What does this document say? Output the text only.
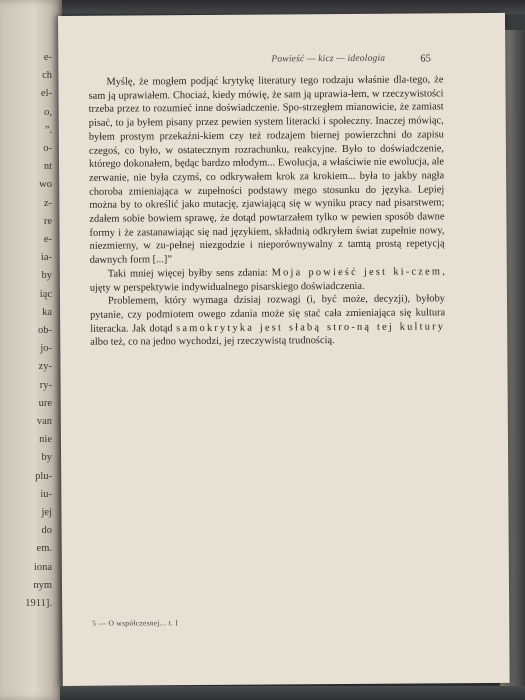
e-
ch
el-
o,
”.
o-
nt
wo
z-
re
e-
ia-
by
iąc
ka
ob-
jo-
zy-
ry-
ure
van
nie
by
plu-
iu-
jej
do
em.
iona
nym
1911].
Powieść — kicz — ideologia	65

Myślę, że mogłem podjąć krytykę literatury tego rodzaju właśnie dla-tego, że sam ją uprawiałem. Chociaż, kiedy mówię, że sam ją uprawia-łem, w rzeczywistości trzeba przez to rozumieć inne doświadczenie. Spo-strzegłem mianowicie, że zamiast pisać, to ja byłem pisany przez pewien system literacki i społeczny. Inaczej mówiąc, byłem prostym przekaźni-kiem czy też rodzajem biernej powierzchni do zapisu czegoś, co było, w ostatecznym rozrachunku, reakcyjne. Było to doświadczenie, którego dokonałem, będąc bardzo młodym... Ewolucja, a właściwie nie ewolucja, ale zerwanie, nie była czymś, co odkrywałem krok za krokiem... była to jakby nagła choroba zmieniająca w zupełności podstawy mego stosunku do języka. Lepiej można by to określić jako mutację, zjawiającą się w wyniku pracy nad pisarstwem; zdałem sobie bowiem sprawę, że dotąd powtarzałem tylko w pewien sposób dawne formy i że zastanawiając się nad językiem, składnią odkryłem świat zupełnie nowy, niezmierny, w zu-pełnej niezgodzie i nieporównywalny z tamtą prostą repetycją dawnych form [...]”

Taki mniej więcej byłby sens zdania: Moja powieść jest ki-czem, ujęty w perspektywie indywidualnego pisarskiego doświadczenia.

Problemem, który wymaga dzisiaj rozwagi (i, być może, decyzji), byłoby pytanie, czy podmiotem owego zdania może się stać cała zmieniająca się kultura literacka. Jak dotąd samokrytyka jest słabą stro-ną tej kultury albo też, co na jedno wychodzi, jej rzeczywistą trudnością.

5 — O współczesnej... t. I
